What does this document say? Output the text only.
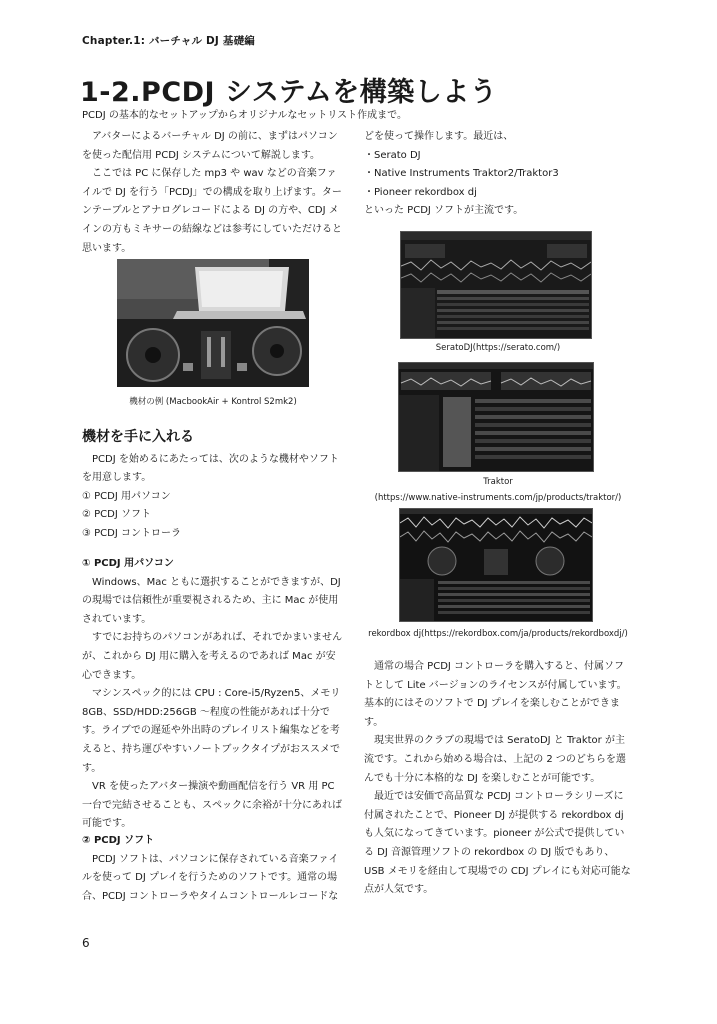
Chapter.1: バーチャル DJ 基礎編
1-2.PCDJ システムを構築しよう
PCDJ の基本的なセットアップからオリジナルなセットリスト作成まで。

アバターによるバーチャル DJ の前に、まずはパソコンを使った配信用 PCDJ システムについて解説します。

ここでは PC に保存した mp3 や wav などの音楽ファイルで DJ を行う「PCDJ」での構成を取り上げます。ターンテーブルとアナログレコードによる DJ の方や、CDJ メインの方もミキサーの結線などは参考にしていただけると思います。

機材の例 (MacbookAir + Kontrol S2mk2)

機材を手に入れる

PCDJ を始めるにあたっては、次のような機材やソフトを用意します。

① PCDJ 用パソコン

② PCDJ ソフト

③ PCDJ コントローラ

① PCDJ 用パソコン

Windows、Mac ともに選択することができますが、DJ の現場では信頼性が重要視されるため、主に Mac が使用されています。

すでにお持ちのパソコンがあれば、それでかまいませんが、これから DJ 用に購入を考えるのであれば Mac が安心できます。

マシンスペック的には CPU : Core-i5/Ryzen5、メモリ 8GB、SSD/HDD:256GB ～程度の性能があれば十分です。ライブでの遅延や外出時のプレイリスト編集などを考えると、持ち運びやすいノートブックタイプがおススメです。

VR を使ったアバター操演や動画配信を行う VR 用 PC 一台で完結させることも、スペックに余裕が十分にあれば可能です。

② PCDJ ソフト

PCDJ ソフトは、パソコンに保存されている音楽ファイルを使って DJ プレイを行うためのソフトです。通常の場合、PCDJ コントローラやタイムコントロールレコードな

どを使って操作します。最近は、

・Serato DJ

・Native Instruments Traktor2/Traktor3

・Pioneer rekordbox dj

といった PCDJ ソフトが主流です。

SeratoDJ(https://serato.com/)
Traktor
(https://www.native-instruments.com/jp/products/traktor/)
rekordbox dj(https://rekordbox.com/ja/products/rekordboxdj/)

通常の場合 PCDJ コントローラを購入すると、付属ソフトとして Lite バージョンのライセンスが付属しています。基本的にはそのソフトで DJ プレイを楽しむことができます。

現実世界のクラブの現場では SeratoDJ と Traktor が主流です。これから始める場合は、上記の 2 つのどちらを選んでも十分に本格的な DJ を楽しむことが可能です。

最近では安価で高品質な PCDJ コントローラシリーズに付属されたことで、Pioneer DJ が提供する rekordbox dj も人気になってきています。pioneer が公式で提供している DJ 音源管理ソフトの rekordbox の DJ 版でもあり、USB メモリを経由して現場での CDJ プレイにも対応可能な点が人気です。

6
